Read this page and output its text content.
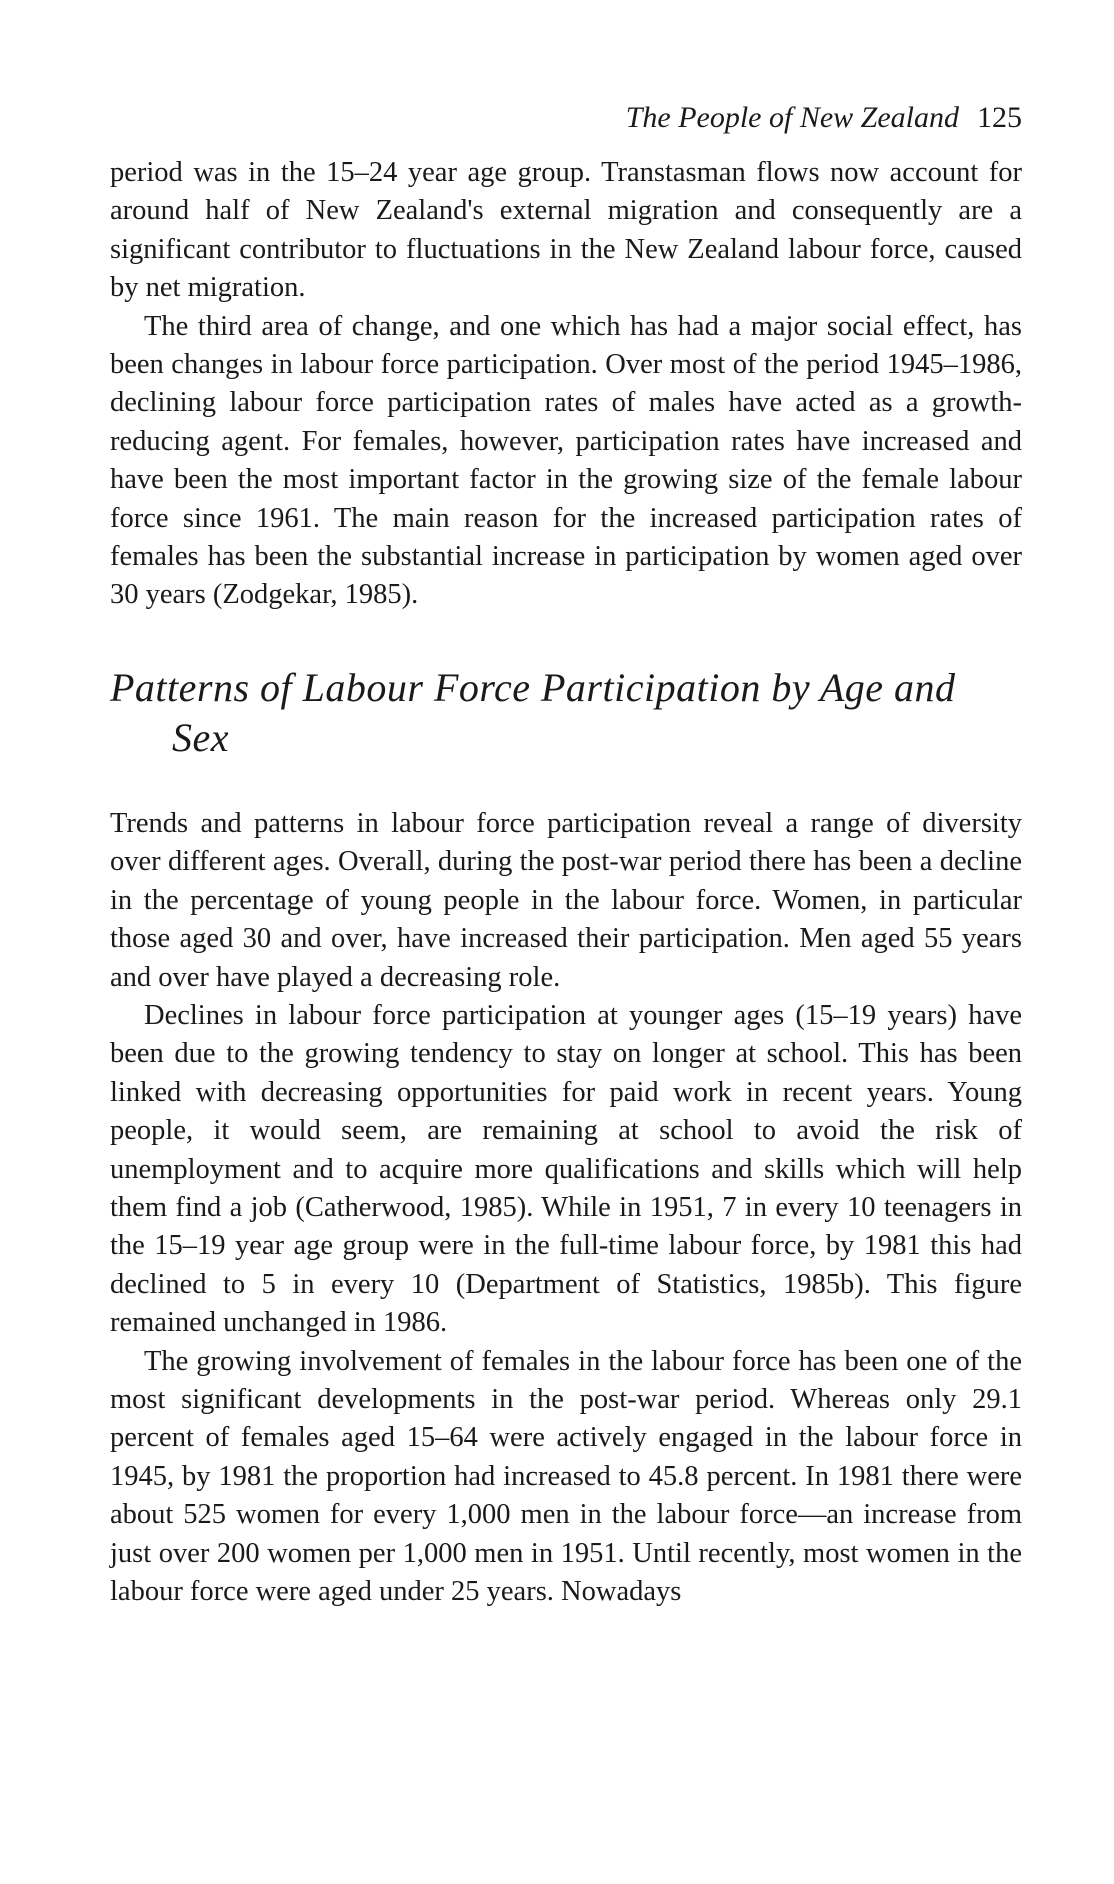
The People of New Zealand 125

period was in the 15–24 year age group. Transtasman flows now account for around half of New Zealand's external migration and consequently are a significant contributor to fluctuations in the New Zealand labour force, caused by net migration.

The third area of change, and one which has had a major social effect, has been changes in labour force participation. Over most of the period 1945–1986, declining labour force participation rates of males have acted as a growth-reducing agent. For females, however, participation rates have increased and have been the most important factor in the growing size of the female labour force since 1961. The main reason for the increased participation rates of females has been the substantial increase in participation by women aged over 30 years (Zodgekar, 1985).

Patterns of Labour Force Participation by Age and Sex

Trends and patterns in labour force participation reveal a range of diversity over different ages. Overall, during the post-war period there has been a decline in the percentage of young people in the labour force. Women, in particular those aged 30 and over, have increased their participation. Men aged 55 years and over have played a decreasing role.

Declines in labour force participation at younger ages (15–19 years) have been due to the growing tendency to stay on longer at school. This has been linked with decreasing opportunities for paid work in recent years. Young people, it would seem, are remaining at school to avoid the risk of unemployment and to acquire more qualifications and skills which will help them find a job (Catherwood, 1985). While in 1951, 7 in every 10 teenagers in the 15–19 year age group were in the full-time labour force, by 1981 this had declined to 5 in every 10 (Department of Statistics, 1985b). This figure remained unchanged in 1986.

The growing involvement of females in the labour force has been one of the most significant developments in the post-war period. Whereas only 29.1 percent of females aged 15–64 were actively engaged in the labour force in 1945, by 1981 the proportion had increased to 45.8 percent. In 1981 there were about 525 women for every 1,000 men in the labour force—an increase from just over 200 women per 1,000 men in 1951. Until recently, most women in the labour force were aged under 25 years. Nowadays
